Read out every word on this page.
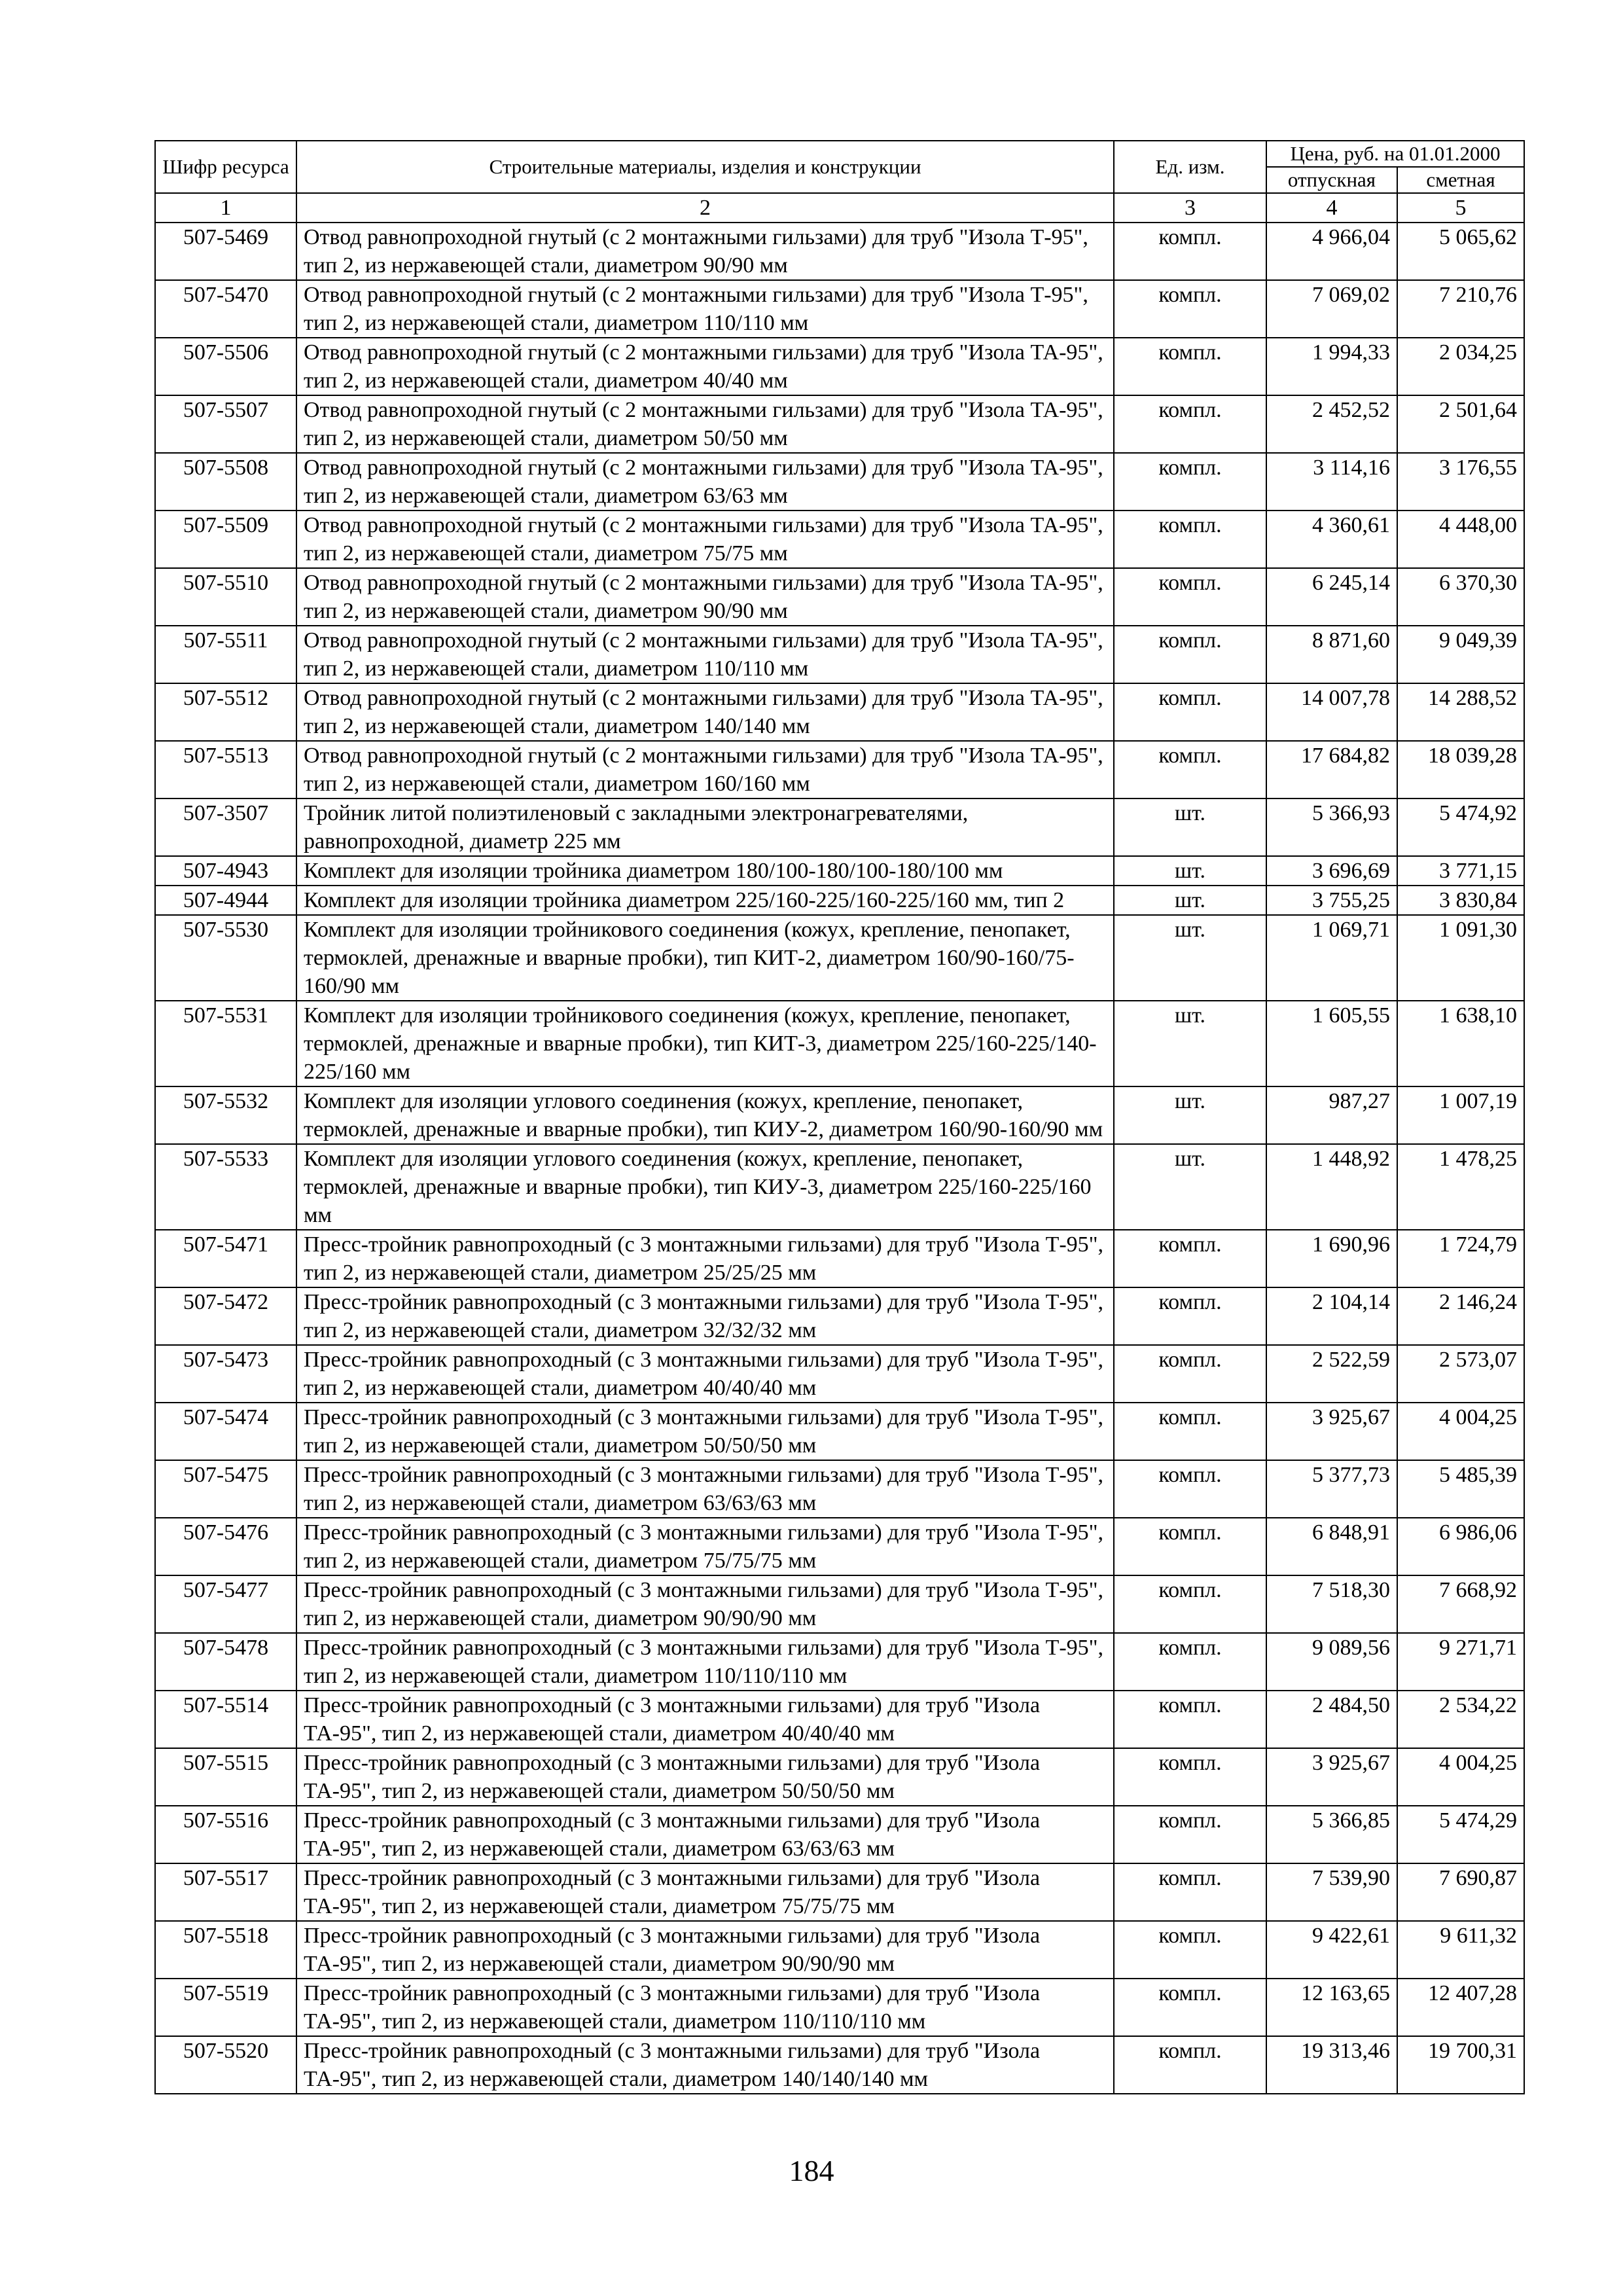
Шифр ресурса	Строительные материалы, изделия и конструкции	Ед. изм.	Цена, руб. на 01.01.2000	
			отпускная	сметная
1	2	3	4	5
507-5469	Отвод равнопроходной гнутый (с 2 монтажными гильзами) для труб "Изола Т-95", тип 2, из нержавеющей стали, диаметром 90/90 мм	компл.	4 966,04	5 065,62
507-5470	Отвод равнопроходной гнутый (с 2 монтажными гильзами) для труб "Изола Т-95", тип 2, из нержавеющей стали, диаметром 110/110 мм	компл.	7 069,02	7 210,76
507-5506	Отвод равнопроходной гнутый (с 2 монтажными гильзами) для труб "Изола ТА-95", тип 2, из нержавеющей стали, диаметром 40/40 мм	компл.	1 994,33	2 034,25
507-5507	Отвод равнопроходной гнутый (с 2 монтажными гильзами) для труб "Изола ТА-95", тип 2, из нержавеющей стали, диаметром 50/50 мм	компл.	2 452,52	2 501,64
507-5508	Отвод равнопроходной гнутый (с 2 монтажными гильзами) для труб "Изола ТА-95", тип 2, из нержавеющей стали, диаметром 63/63 мм	компл.	3 114,16	3 176,55
507-5509	Отвод равнопроходной гнутый (с 2 монтажными гильзами) для труб "Изола ТА-95", тип 2, из нержавеющей стали, диаметром 75/75 мм	компл.	4 360,61	4 448,00
507-5510	Отвод равнопроходной гнутый (с 2 монтажными гильзами) для труб "Изола ТА-95", тип 2, из нержавеющей стали, диаметром 90/90 мм	компл.	6 245,14	6 370,30
507-5511	Отвод равнопроходной гнутый (с 2 монтажными гильзами) для труб "Изола ТА-95", тип 2, из нержавеющей стали, диаметром 110/110 мм	компл.	8 871,60	9 049,39
507-5512	Отвод равнопроходной гнутый (с 2 монтажными гильзами) для труб "Изола ТА-95", тип 2, из нержавеющей стали, диаметром 140/140 мм	компл.	14 007,78	14 288,52
507-5513	Отвод равнопроходной гнутый (с 2 монтажными гильзами) для труб "Изола ТА-95", тип 2, из нержавеющей стали, диаметром 160/160 мм	компл.	17 684,82	18 039,28
507-3507	Тройник литой полиэтиленовый с закладными электронагревателями, равнопроходной, диаметр 225 мм	шт.	5 366,93	5 474,92
507-4943	Комплект для изоляции тройника диаметром 180/100-180/100-180/100 мм	шт.	3 696,69	3 771,15
507-4944	Комплект для изоляции тройника диаметром 225/160-225/160-225/160 мм, тип 2	шт.	3 755,25	3 830,84
507-5530	Комплект для изоляции тройникового соединения (кожух, крепление, пенопакет, термоклей, дренажные и вварные пробки), тип КИТ-2, диаметром 160/90-160/75-160/90 мм	шт.	1 069,71	1 091,30
507-5531	Комплект для изоляции тройникового соединения (кожух, крепление, пенопакет, термоклей, дренажные и вварные пробки), тип КИТ-3, диаметром 225/160-225/140-225/160 мм	шт.	1 605,55	1 638,10
507-5532	Комплект для изоляции углового соединения (кожух, крепление, пенопакет, термоклей, дренажные и вварные пробки), тип КИУ-2, диаметром 160/90-160/90 мм	шт.	987,27	1 007,19
507-5533	Комплект для изоляции углового соединения (кожух, крепление, пенопакет, термоклей, дренажные и вварные пробки), тип КИУ-3, диаметром 225/160-225/160 мм	шт.	1 448,92	1 478,25
507-5471	Пресс-тройник равнопроходный (с 3 монтажными гильзами) для труб "Изола Т-95", тип 2, из нержавеющей стали, диаметром 25/25/25 мм	компл.	1 690,96	1 724,79
507-5472	Пресс-тройник равнопроходный (с 3 монтажными гильзами) для труб "Изола Т-95", тип 2, из нержавеющей стали, диаметром 32/32/32 мм	компл.	2 104,14	2 146,24
507-5473	Пресс-тройник равнопроходный (с 3 монтажными гильзами) для труб "Изола Т-95", тип 2, из нержавеющей стали, диаметром 40/40/40 мм	компл.	2 522,59	2 573,07
507-5474	Пресс-тройник равнопроходный (с 3 монтажными гильзами) для труб "Изола Т-95", тип 2, из нержавеющей стали, диаметром 50/50/50 мм	компл.	3 925,67	4 004,25
507-5475	Пресс-тройник равнопроходный (с 3 монтажными гильзами) для труб "Изола Т-95", тип 2, из нержавеющей стали, диаметром 63/63/63 мм	компл.	5 377,73	5 485,39
507-5476	Пресс-тройник равнопроходный (с 3 монтажными гильзами) для труб "Изола Т-95", тип 2, из нержавеющей стали, диаметром 75/75/75 мм	компл.	6 848,91	6 986,06
507-5477	Пресс-тройник равнопроходный (с 3 монтажными гильзами) для труб "Изола Т-95", тип 2, из нержавеющей стали, диаметром 90/90/90 мм	компл.	7 518,30	7 668,92
507-5478	Пресс-тройник равнопроходный (с 3 монтажными гильзами) для труб "Изола Т-95", тип 2, из нержавеющей стали, диаметром 110/110/110 мм	компл.	9 089,56	9 271,71
507-5514	Пресс-тройник равнопроходный (с 3 монтажными гильзами) для труб "Изола ТА-95", тип 2, из нержавеющей стали, диаметром 40/40/40 мм	компл.	2 484,50	2 534,22
507-5515	Пресс-тройник равнопроходный (с 3 монтажными гильзами) для труб "Изола ТА-95", тип 2, из нержавеющей стали, диаметром 50/50/50 мм	компл.	3 925,67	4 004,25
507-5516	Пресс-тройник равнопроходный (с 3 монтажными гильзами) для труб "Изола ТА-95", тип 2, из нержавеющей стали, диаметром 63/63/63 мм	компл.	5 366,85	5 474,29
507-5517	Пресс-тройник равнопроходный (с 3 монтажными гильзами) для труб "Изола ТА-95", тип 2, из нержавеющей стали, диаметром 75/75/75 мм	компл.	7 539,90	7 690,87
507-5518	Пресс-тройник равнопроходный (с 3 монтажными гильзами) для труб "Изола ТА-95", тип 2, из нержавеющей стали, диаметром 90/90/90 мм	компл.	9 422,61	9 611,32
507-5519	Пресс-тройник равнопроходный (с 3 монтажными гильзами) для труб "Изола ТА-95", тип 2, из нержавеющей стали, диаметром 110/110/110 мм	компл.	12 163,65	12 407,28
507-5520	Пресс-тройник равнопроходный (с 3 монтажными гильзами) для труб "Изола ТА-95", тип 2, из нержавеющей стали, диаметром 140/140/140 мм	компл.	19 313,46	19 700,31
184
